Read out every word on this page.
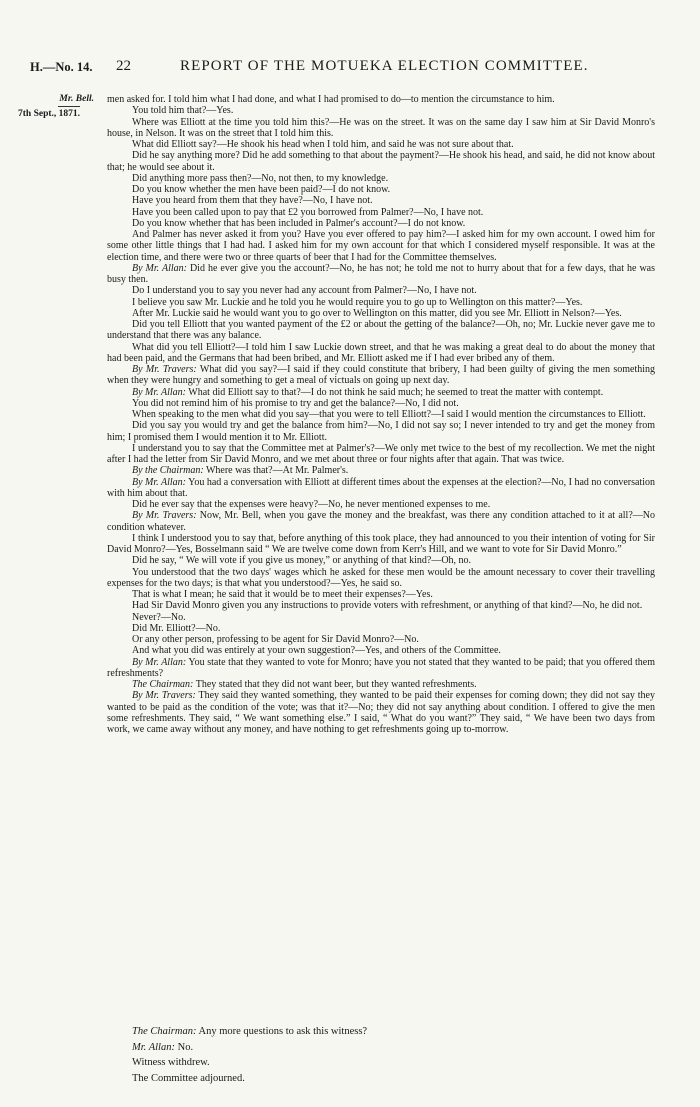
H.—No. 14. 22	REPORT OF THE MOTUEKA ELECTION COMMITTEE.
Mr. Bell.
7th Sept., 1871.

men asked for. I told him what I had done, and what I had promised to do—to mention the circumstance to him.

You told him that?—Yes.

Where was Elliott at the time you told him this?—He was on the street. It was on the same day I saw him at Sir David Monro's house, in Nelson. It was on the street that I told him this.

What did Elliott say?—He shook his head when I told him, and said he was not sure about that.

Did he say anything more? Did he add something to that about the payment?—He shook his head, and said, he did not know about that; he would see about it.

Did anything more pass then?—No, not then, to my knowledge.

Do you know whether the men have been paid?—I do not know.

Have you heard from them that they have?—No, I have not.

Have you been called upon to pay that £2 you borrowed from Palmer?—No, I have not.

Do you know whether that has been included in Palmer's account?—I do not know.

And Palmer has never asked it from you? Have you ever offered to pay him?—I asked him for my own account. I owed him for some other little things that I had had. I asked him for my own account for that which I considered myself responsible. It was at the election time, and there were two or three quarts of beer that I had for the Committee themselves.

By Mr. Allan: Did he ever give you the account?—No, he has not; he told me not to hurry about that for a few days, that he was busy then.

Do I understand you to say you never had any account from Palmer?—No, I have not.

I believe you saw Mr. Luckie and he told you he would require you to go up to Wellington on this matter?—Yes.

After Mr. Luckie said he would want you to go over to Wellington on this matter, did you see Mr. Elliott in Nelson?—Yes.

Did you tell Elliott that you wanted payment of the £2 or about the getting of the balance?—Oh, no; Mr. Luckie never gave me to understand that there was any balance.

What did you tell Elliott?—I told him I saw Luckie down street, and that he was making a great deal to do about the money that had been paid, and the Germans that had been bribed, and Mr. Elliott asked me if I had ever bribed any of them.

By Mr. Travers: What did you say?—I said if they could constitute that bribery, I had been guilty of giving the men something when they were hungry and something to get a meal of victuals on going up next day.

By Mr. Allan: What did Elliott say to that?—I do not think he said much; he seemed to treat the matter with contempt.

You did not remind him of his promise to try and get the balance?—No, I did not.

When speaking to the men what did you say—that you were to tell Elliott?—I said I would mention the circumstances to Elliott.

Did you say you would try and get the balance from him?—No, I did not say so; I never intended to try and get the money from him; I promised them I would mention it to Mr. Elliott.

I understand you to say that the Committee met at Palmer's?—We only met twice to the best of my recollection. We met the night after I had the letter from Sir David Monro, and we met about three or four nights after that again. That was twice.

By the Chairman: Where was that?—At Mr. Palmer's.

By Mr. Allan: You had a conversation with Elliott at different times about the expenses at the election?—No, I had no conversation with him about that.

Did he ever say that the expenses were heavy?—No, he never mentioned expenses to me.

By Mr. Travers: Now, Mr. Bell, when you gave the money and the breakfast, was there any condition attached to it at all?—No condition whatever.

I think I understood you to say that, before anything of this took place, they had announced to you their intention of voting for Sir David Monro?—Yes, Bosselmann said “ We are twelve come down from Kerr's Hill, and we want to vote for Sir David Monro.”

Did he say, “ We will vote if you give us money,” or anything of that kind?—Oh, no.

You understood that the two days' wages which he asked for these men would be the amount necessary to cover their travelling expenses for the two days; is that what you understood?—Yes, he said so.

That is what I mean; he said that it would be to meet their expenses?—Yes.

Had Sir David Monro given you any instructions to provide voters with refreshment, or anything of that kind?—No, he did not.

Never?—No.

Did Mr. Elliott?—No.

Or any other person, professing to be agent for Sir David Monro?—No.

And what you did was entirely at your own suggestion?—Yes, and others of the Committee.

By Mr. Allan: You state that they wanted to vote for Monro; have you not stated that they wanted to be paid; that you offered them refreshments?

The Chairman: They stated that they did not want beer, but they wanted refreshments.

By Mr. Travers: They said they wanted something, they wanted to be paid their expenses for coming down; they did not say they wanted to be paid as the condition of the vote; was that it?—No; they did not say anything about condition. I offered to give the men some refreshments. They said, “ We want something else.” I said, “ What do you want?” They said, “ We have been two days from work, we came away without any money, and have nothing to get refreshments going up to-morrow.

The Chairman: Any more questions to ask this witness?
Mr. Allan: No.
Witness withdrew.
The Committee adjourned.
